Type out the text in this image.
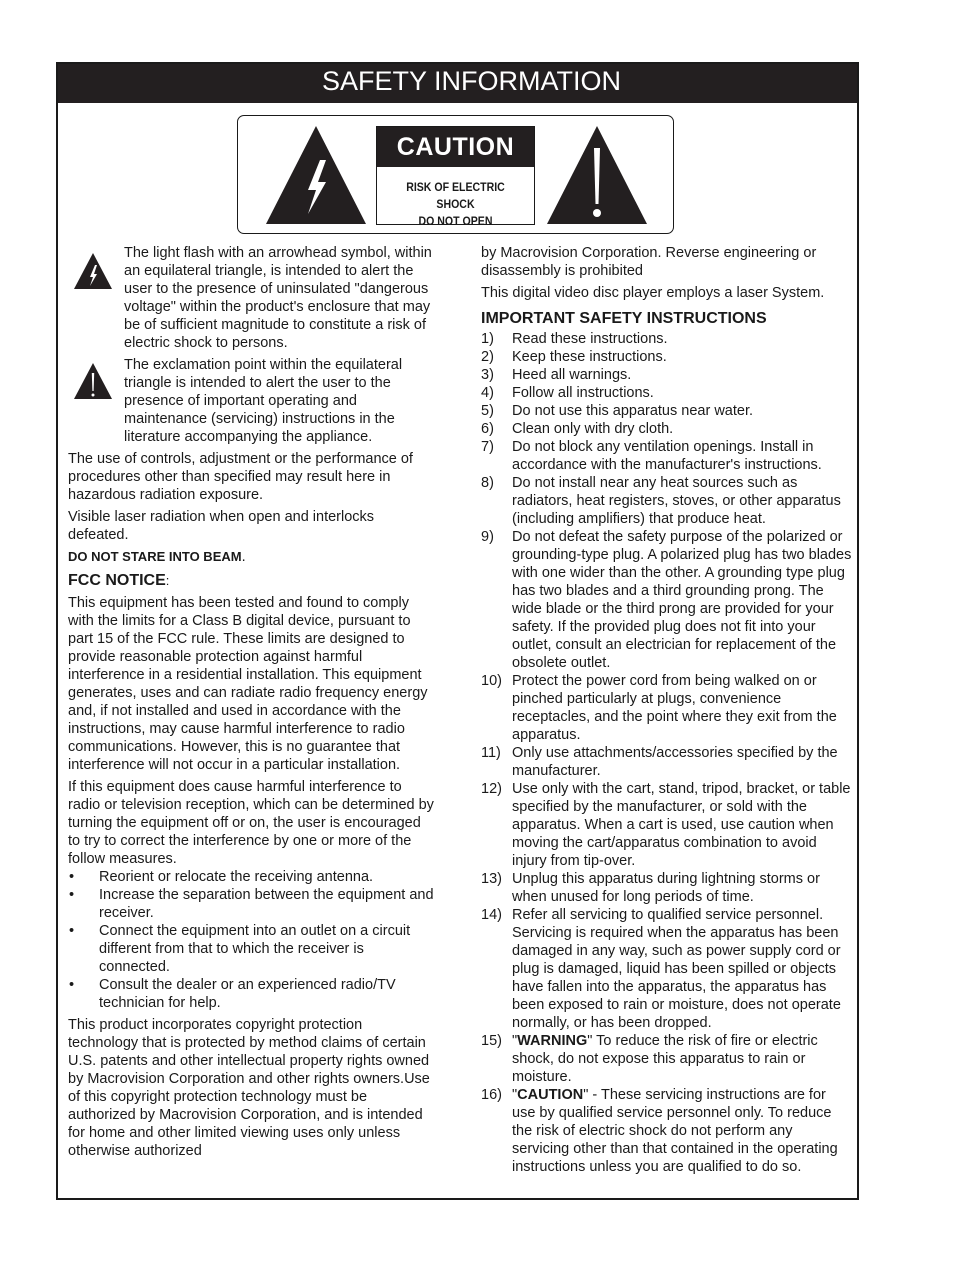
SAFETY INFORMATION
CAUTION
RISK OF ELECTRIC SHOCK
DO NOT OPEN

The light flash with an arrowhead symbol, within an equilateral triangle, is intended to alert the user to the presence of uninsulated "dangerous voltage" within the product's enclosure that may be of sufficient magnitude to constitute a risk of electric shock to persons.

The exclamation point within the equilateral triangle is intended to alert the user to the presence of important operating and maintenance (servicing) instructions in the literature accompanying the appliance.

The use of controls, adjustment or the performance of procedures other than specified may result here in hazardous radiation exposure.

Visible laser radiation when open and interlocks defeated.

DO NOT STARE INTO BEAM.

FCC NOTICE:

This equipment has been tested and found to comply with the limits for a Class B digital device, pursuant to part 15 of the FCC rule. These limits are designed to provide reasonable protection against harmful interference in a residential installation. This equipment generates, uses and can radiate radio frequency energy and, if not installed and used in accordance with the instructions, may cause harmful interference to radio communications. However, this is no guarantee that interference will not occur in a particular installation.

If this equipment does cause harmful interference to radio or television reception, which can be determined by turning the equipment off or on, the user is encouraged to try to correct the interference by one or more of the follow measures.

• Reorient or relocate the receiving antenna.
• Increase the separation between the equipment and receiver.
• Connect the equipment into an outlet on a circuit different from that to which the receiver is connected.
• Consult the dealer or an experienced radio/TV technician for help.

This product incorporates copyright protection technology that is protected by method claims of certain U.S. patents and other intellectual property rights owned by Macrovision Corporation and other rights owners.Use of this copyright protection technology must be authorized by Macrovision Corporation, and is intended for home and other limited viewing uses only unless otherwise authorized

by Macrovision Corporation. Reverse engineering or disassembly is prohibited

This digital video disc player employs a laser System.

IMPORTANT SAFETY INSTRUCTIONS
1) Read these instructions.
2) Keep these instructions.
3) Heed all warnings.
4) Follow all instructions.
5) Do not use this apparatus near water.
6) Clean only with dry cloth.
7) Do not block any ventilation openings. Install in accordance with the manufacturer's instructions.
8) Do not install near any heat sources such as radiators, heat registers, stoves, or other apparatus (including amplifiers) that produce heat.
9) Do not defeat the safety purpose of the polarized or grounding-type plug. A polarized plug has two blades with one wider than the other. A grounding type plug has two blades and a third grounding prong. The wide blade or the third prong are provided for your safety. If the provided plug does not fit into your outlet, consult an electrician for replacement of the obsolete outlet.
10) Protect the power cord from being walked on or pinched particularly at plugs, convenience receptacles, and the point where they exit from the apparatus.
11) Only use attachments/accessories specified by the manufacturer.
12) Use only with the cart, stand, tripod, bracket, or table specified by the manufacturer, or sold with the apparatus. When a cart is used, use caution when moving the cart/apparatus combination to avoid injury from tip-over.
13) Unplug this apparatus during lightning storms or when unused for long periods of time.
14) Refer all servicing to qualified service personnel. Servicing is required when the apparatus has been damaged in any way, such as power supply cord or plug is damaged, liquid has been spilled or objects have fallen into the apparatus, the apparatus has been exposed to rain or moisture, does not operate normally, or has been dropped.
15) "WARNING" To reduce the risk of fire or electric shock, do not expose this apparatus to rain or moisture.
16) "CAUTION" - These servicing instructions are for use by qualified service personnel only. To reduce the risk of electric shock do not perform any servicing other than that contained in the operating instructions unless you are qualified to do so.
